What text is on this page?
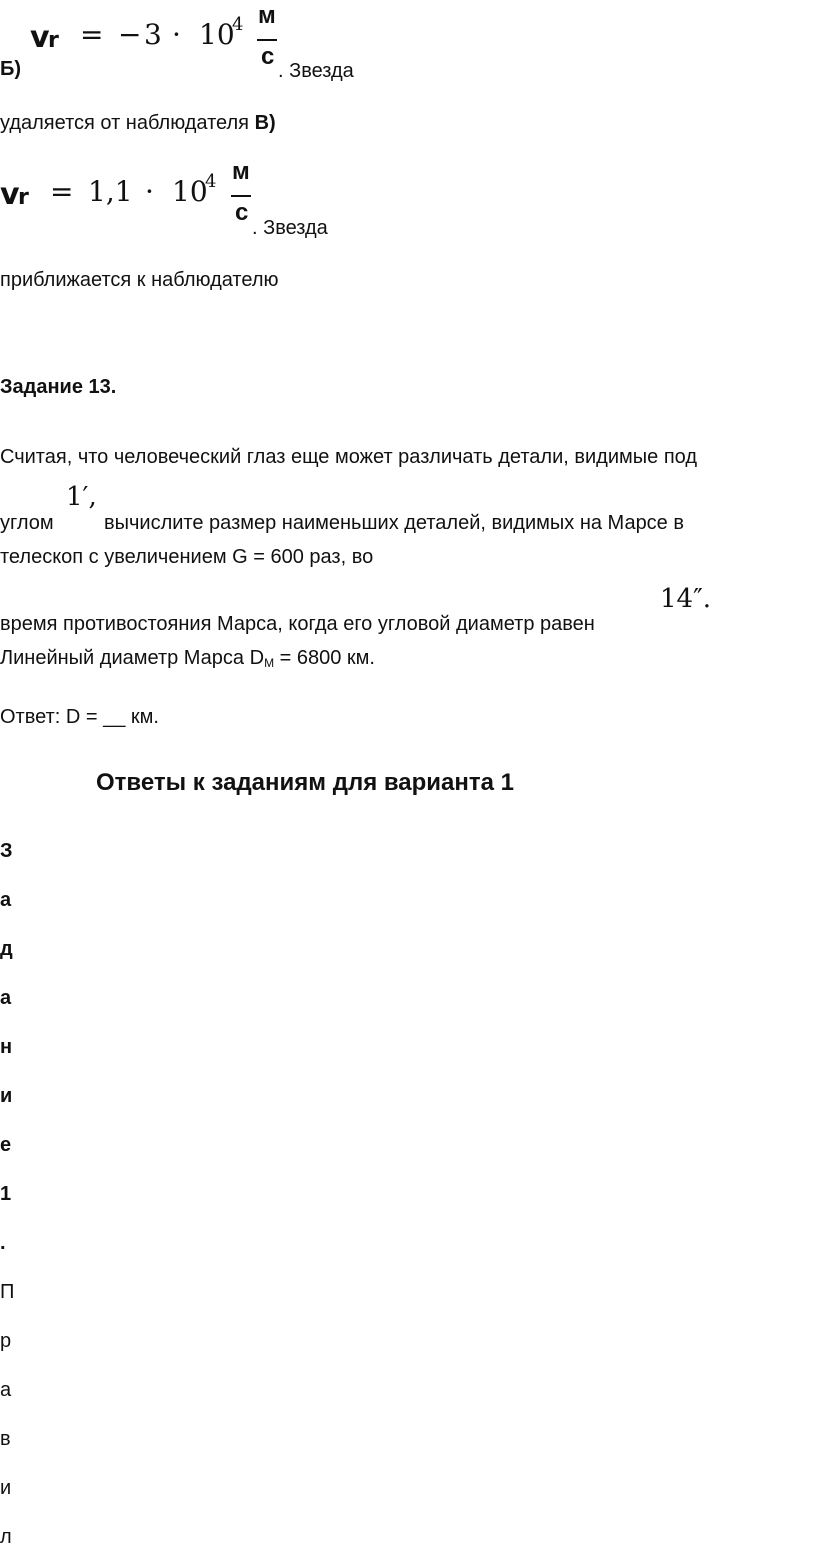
Б)
v
r = − 3 · 10
4 м
с
. Звезда
удаляется от наблюдателя В)
v
r = 1,1 · 10
4 м
с
. Звезда
приближается к наблюдателю
Задание 13.
Считая, что человеческий глаз еще может различать детали, видимые под
углом
1′,
вычислите размер наименьших деталей, видимых на Марсе в
телескоп с увеличением G = 600 раз, во
14″.
время противостояния Марса, когда его угловой диаметр равен
Линейный диаметр Марса $D_М = 6800$ км.
Ответ: D = __ км.
Ответы к заданиям для варианта 1
З
а
д
а
н
и
е
1
.
П
р
а
в
и
л
